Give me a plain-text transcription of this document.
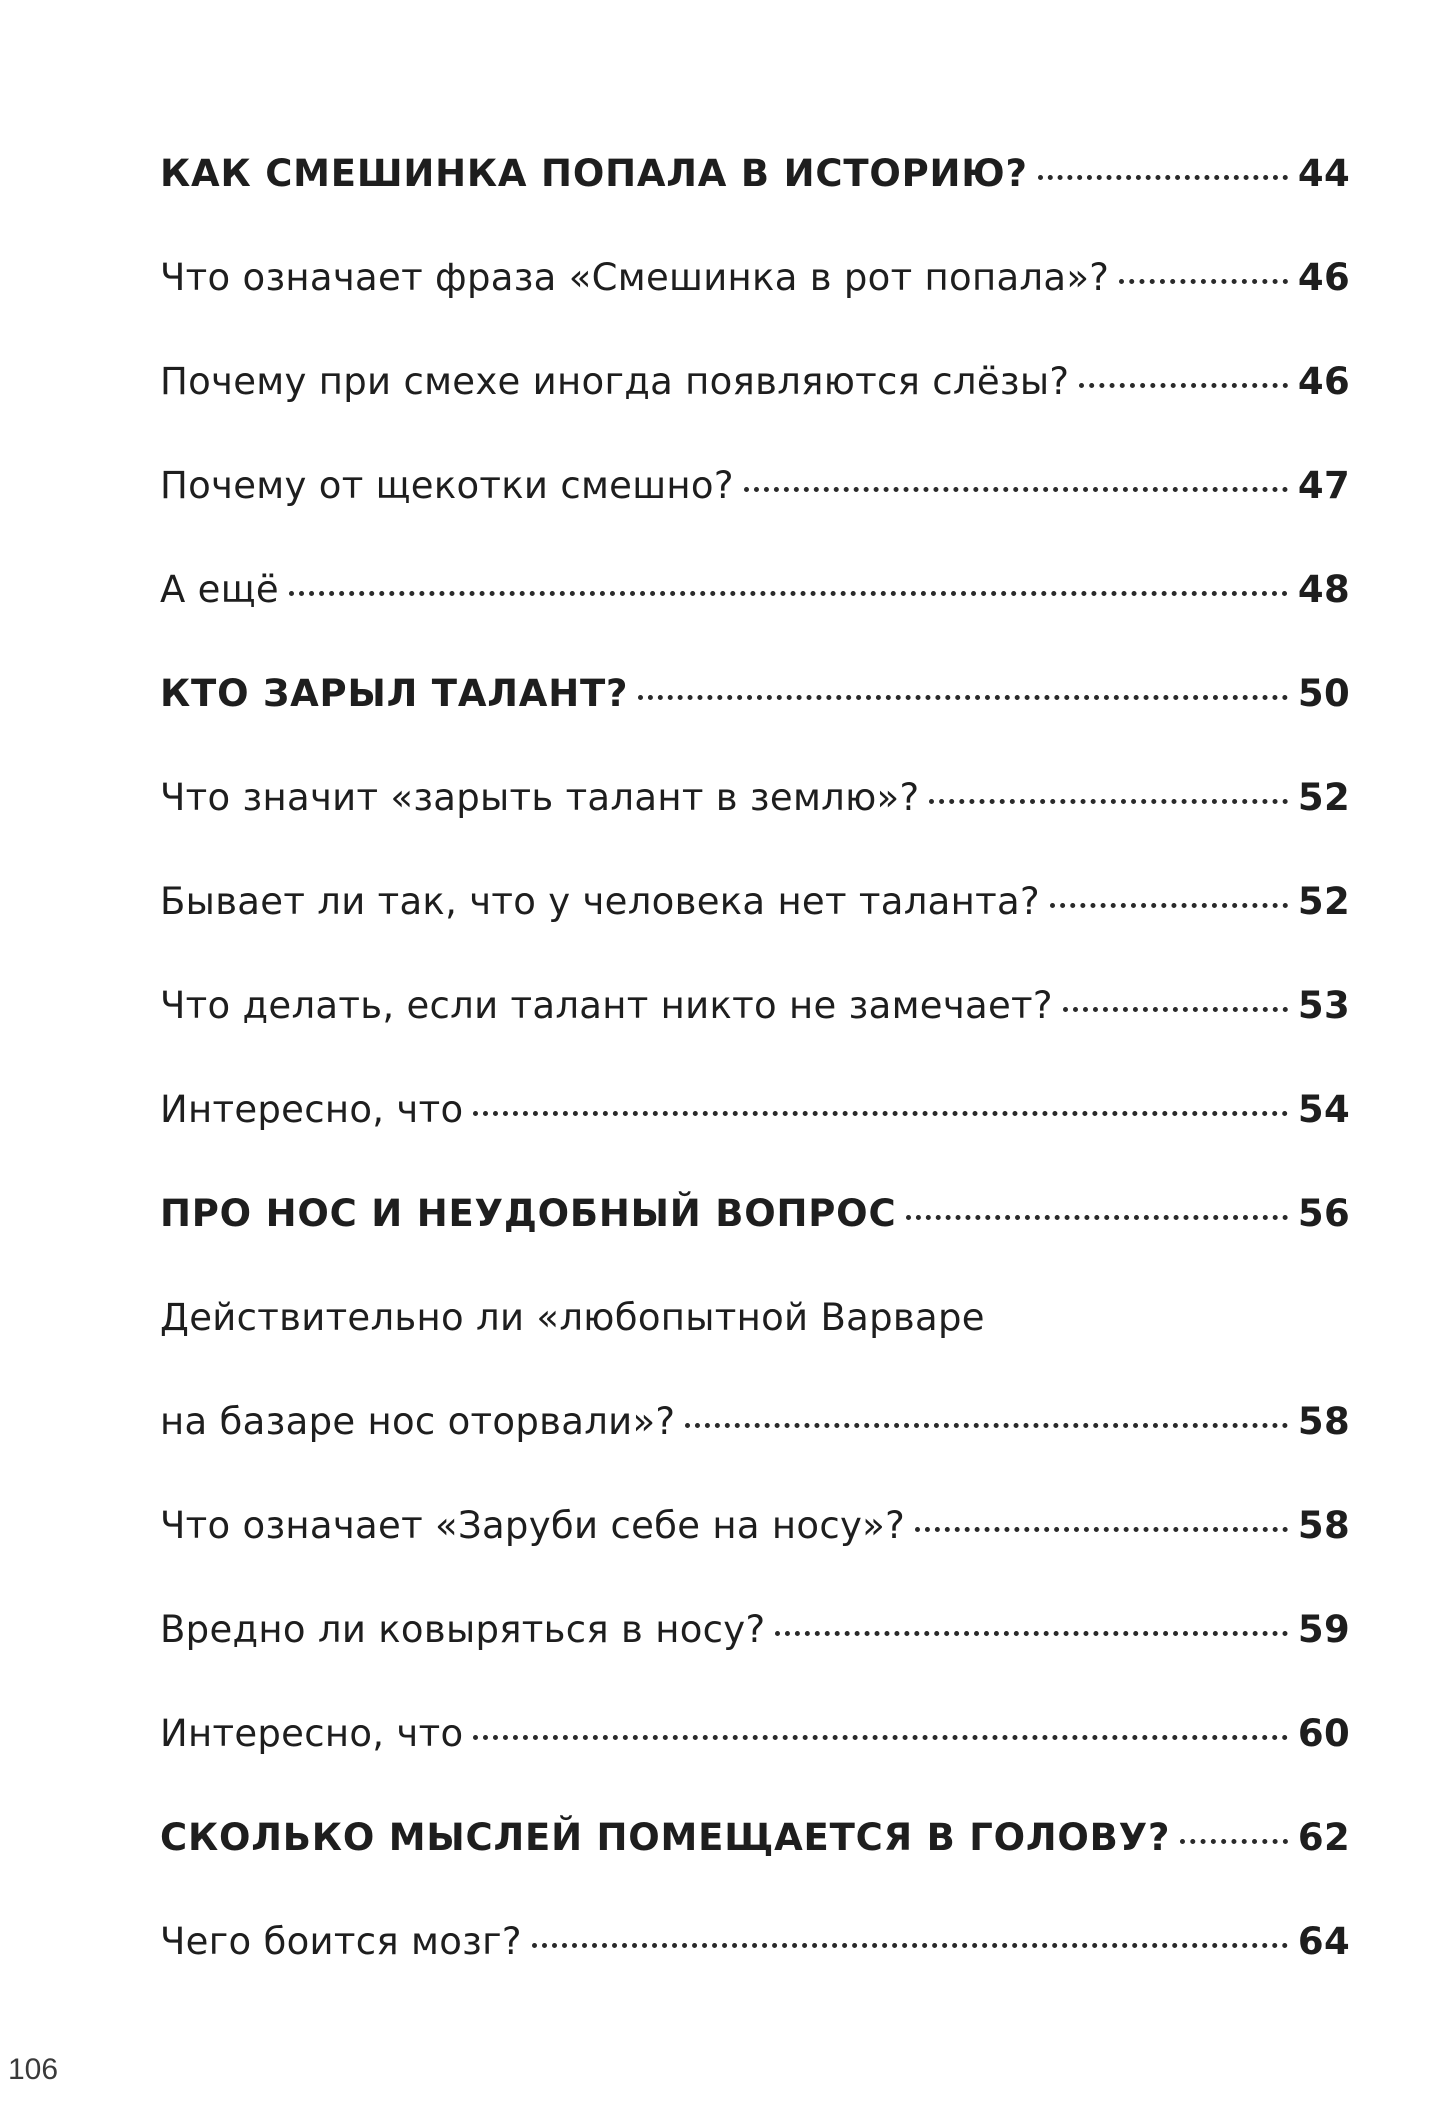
КАК СМЕШИНКА ПОПАЛА В ИСТОРИЮ?	44
Что означает фраза «Смешинка в рот попала»?	46
Почему при смехе иногда появляются слёзы?	46
Почему от щекотки смешно?	47
А ещё	48
КТО ЗАРЫЛ ТАЛАНТ?	50
Что значит «зарыть талант в землю»?	52
Бывает ли так, что у человека нет таланта?	52
Что делать, если талант никто не замечает?	53
Интересно, что	54
ПРО НОС И НЕУДОБНЫЙ ВОПРОС	56
Действительно ли «любопытной Варваре
на базаре нос оторвали»?	58
Что означает «Заруби себе на носу»?	58
Вредно ли ковыряться в носу?	59
Интересно, что	60
СКОЛЬКО МЫСЛЕЙ ПОМЕЩАЕТСЯ В ГОЛОВУ?	62
Чего боится мозг?	64
106
